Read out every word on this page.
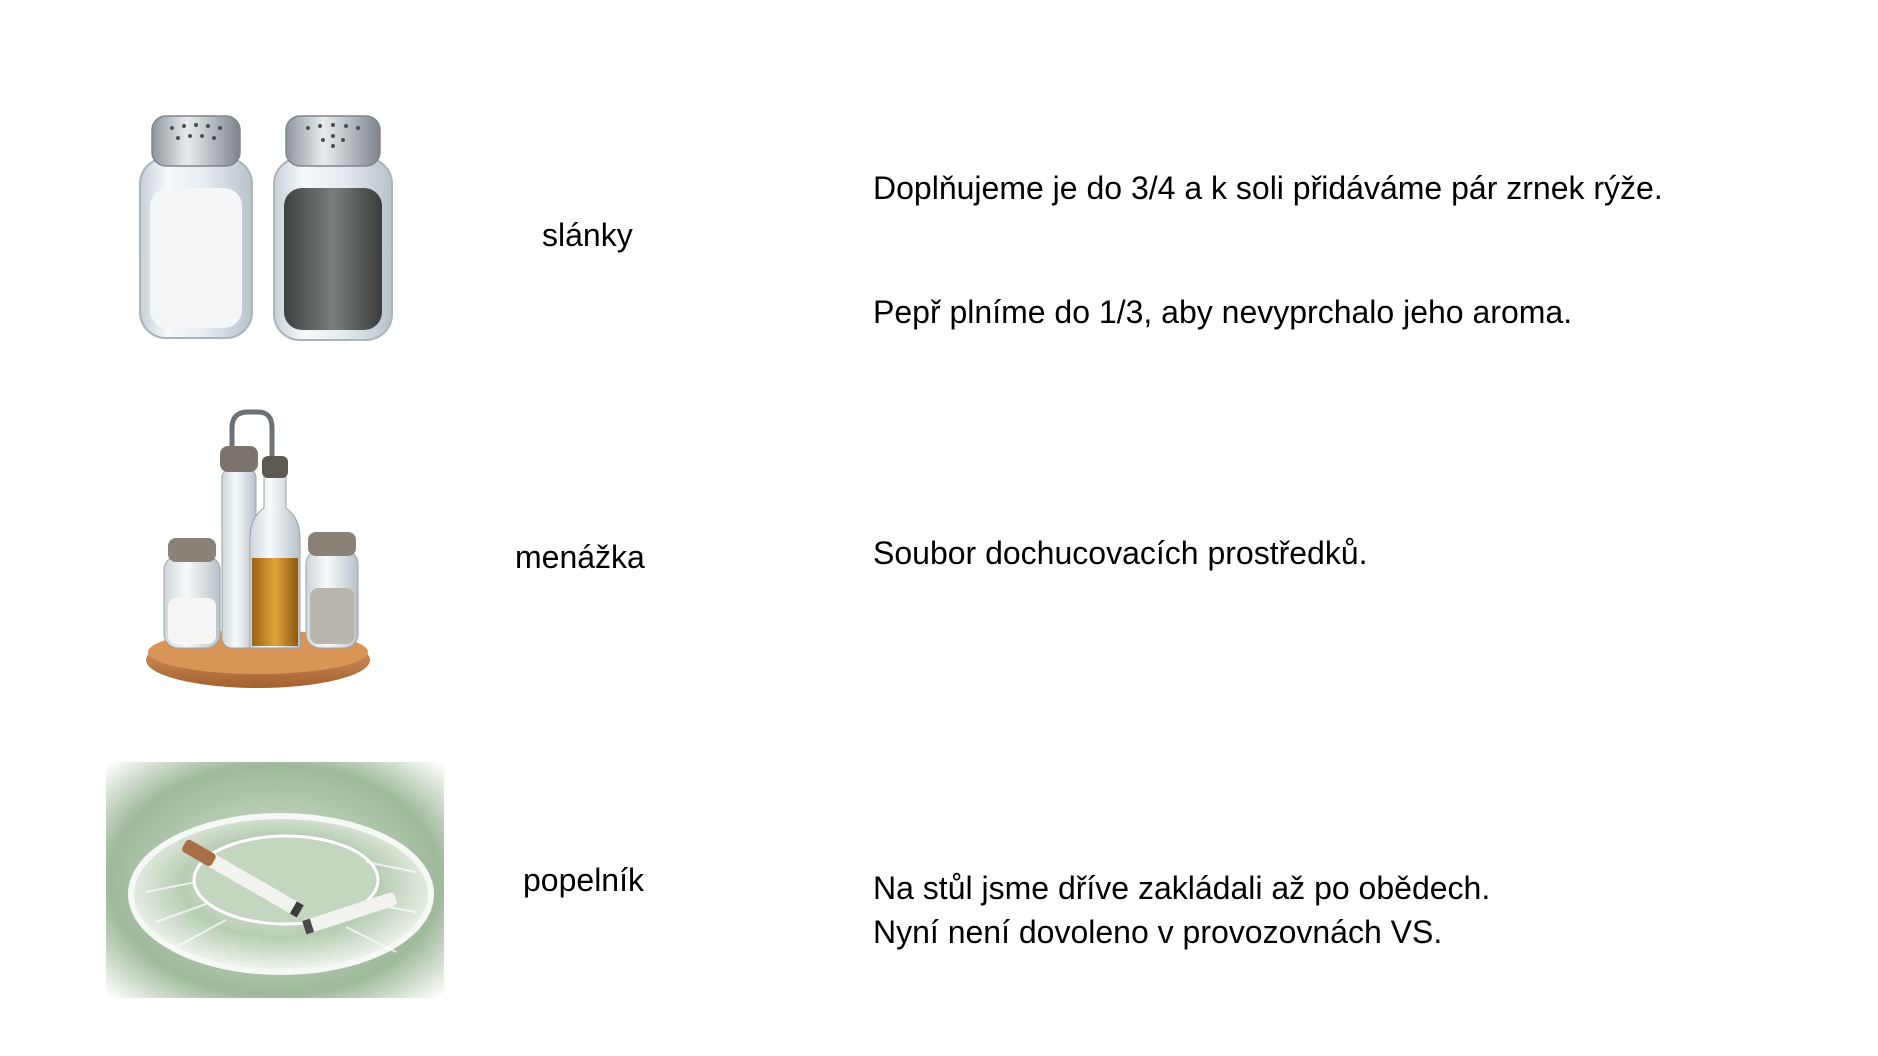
slánky

Doplňujeme je do 3/4 a k soli přidáváme pár zrnek rýže.

Pepř plníme do 1/3, aby nevyprchalo jeho aroma.

menážka	Soubor dochucovacích prostředků.

popelník	Na stůl jsme dříve zakládali až po obědech.

Nyní není dovoleno v provozovnách VS.
